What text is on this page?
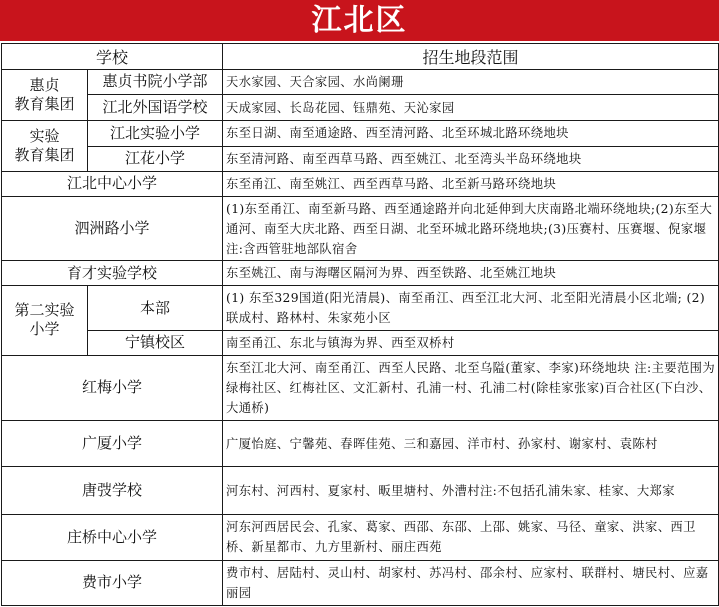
江北区
学校		招生地段范围

惠贞
教育集团	惠贞书院小学部	天水家园、天合家园、水尚阑珊
	江北外国语学校	天成家园、长岛花园、钰鼎苑、天沁家园

实验
教育集团	江北实验小学	东至日湖、南至通途路、西至清河路、北至环城北路环绕地块
	江花小学	东至清河路、南至西草马路、西至姚江、北至湾头半岛环绕地块
江北中心小学		东至甬江、南至姚江、西至西草马路、北至新马路环绕地块
泗洲路小学		(1)东至甬江、南至新马路、西至通途路并向北延伸到大庆南路北端环绕地块;(2)东至大通河、南至大庆北路、西至日湖、北至环城北路环绕地块;(3)压赛村、压赛堰、倪家堰 注:含西管驻地部队宿舍
育才实验学校		东至姚江、南与海曙区隔河为界、西至铁路、北至姚江地块

第二实验
小学	本部	(1) 东至329国道(阳光清晨)、南至甬江、西至江北大河、北至阳光清晨小区北端; (2) 联成村、路林村、朱家苑小区
	宁镇校区	南至甬江、东北与镇海为界、西至双桥村
红梅小学		东至江北大河、南至甬江、西至人民路、北至乌隘(董家、李家)环绕地块 注:主要范围为绿梅社区、红梅社区、文汇新村、孔浦一村、孔浦二村(除桂家张家)百合社区(下白沙、大通桥)
广厦小学		广厦怡庭、宁馨苑、春晖佳苑、三和嘉园、洋市村、孙家村、谢家村、袁陈村
唐弢学校		河东村、河西村、夏家村、畈里塘村、外漕村注:不包括孔浦朱家、桂家、大郑家
庄桥中心小学		河东河西居民会、孔家、葛家、西邵、东邵、上邵、姚家、马径、童家、洪家、西卫桥、新星都市、九方里新村、丽庄西苑
费市小学		费市村、居陆村、灵山村、胡家村、苏冯村、邵余村、应家村、联群村、塘民村、应嘉丽园
